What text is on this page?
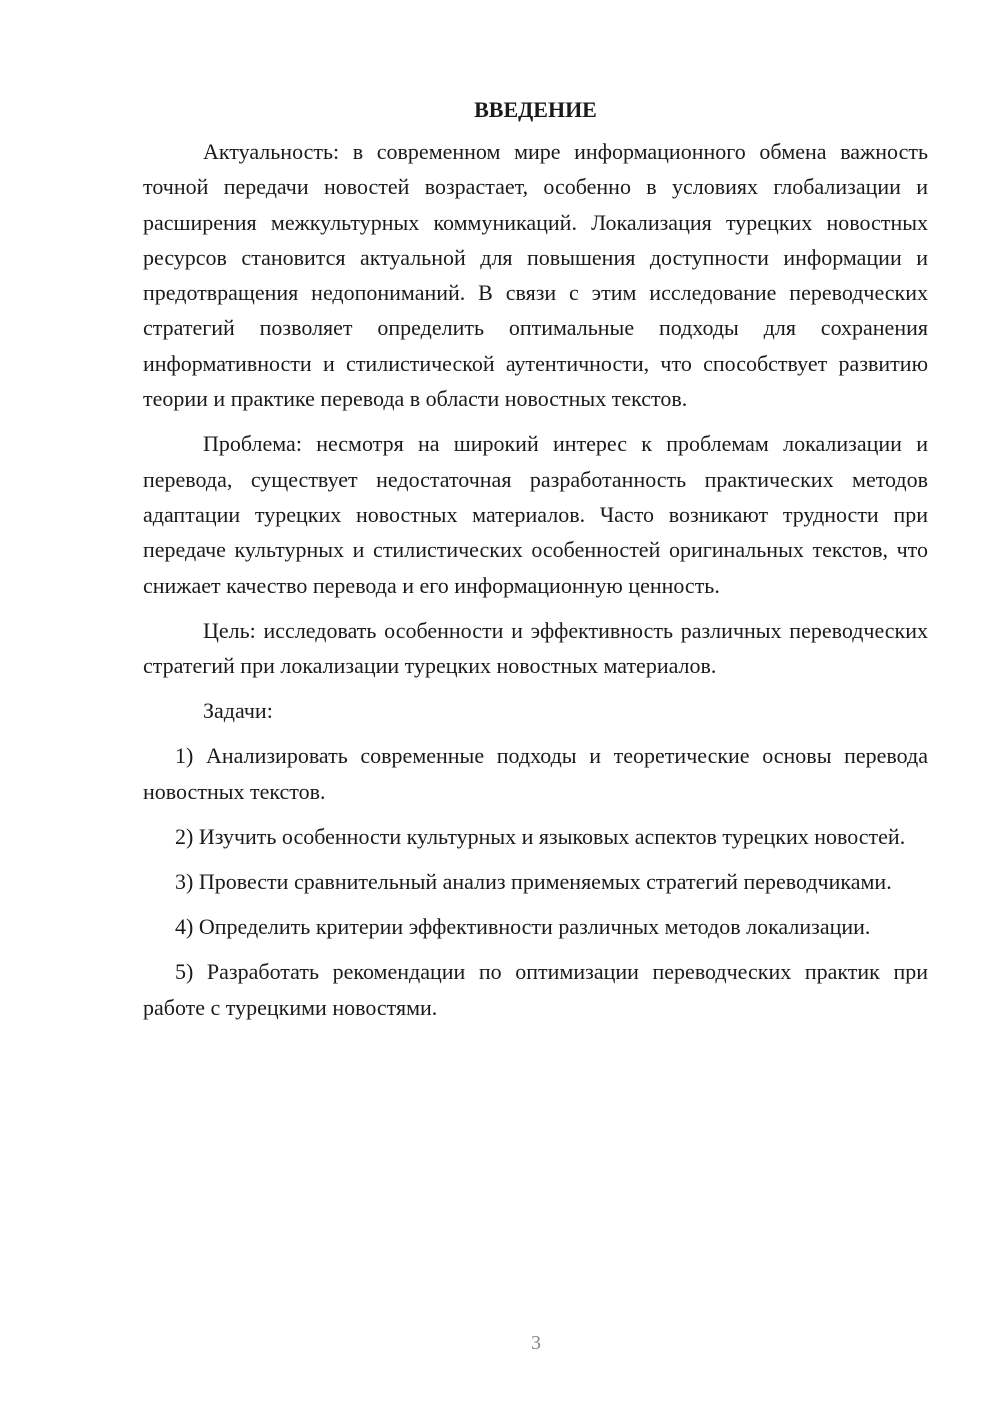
ВВЕДЕНИЕ

Актуальность: в современном мире информационного обмена важность точной передачи новостей возрастает, особенно в условиях глобализации и расширения межкультурных коммуникаций. Локализация турецких новостных ресурсов становится актуальной для повышения доступности информации и предотвращения недопониманий. В связи с этим исследование переводческих стратегий позволяет определить оптимальные подходы для сохранения информативности и стилистической аутентичности, что способствует развитию теории и практике перевода в области новостных текстов.

Проблема: несмотря на широкий интерес к проблемам локализации и перевода, существует недостаточная разработанность практических методов адаптации турецких новостных материалов. Часто возникают трудности при передаче культурных и стилистических особенностей оригинальных текстов, что снижает качество перевода и его информационную ценность.

Цель: исследовать особенности и эффективность различных переводческих стратегий при локализации турецких новостных материалов.

Задачи:

1) Анализировать современные подходы и теоретические основы перевода новостных текстов.

2) Изучить особенности культурных и языковых аспектов турецких новостей.

3) Провести сравнительный анализ применяемых стратегий переводчиками.

4) Определить критерии эффективности различных методов локализации.

5) Разработать рекомендации по оптимизации переводческих практик при работе с турецкими новостями.

3
